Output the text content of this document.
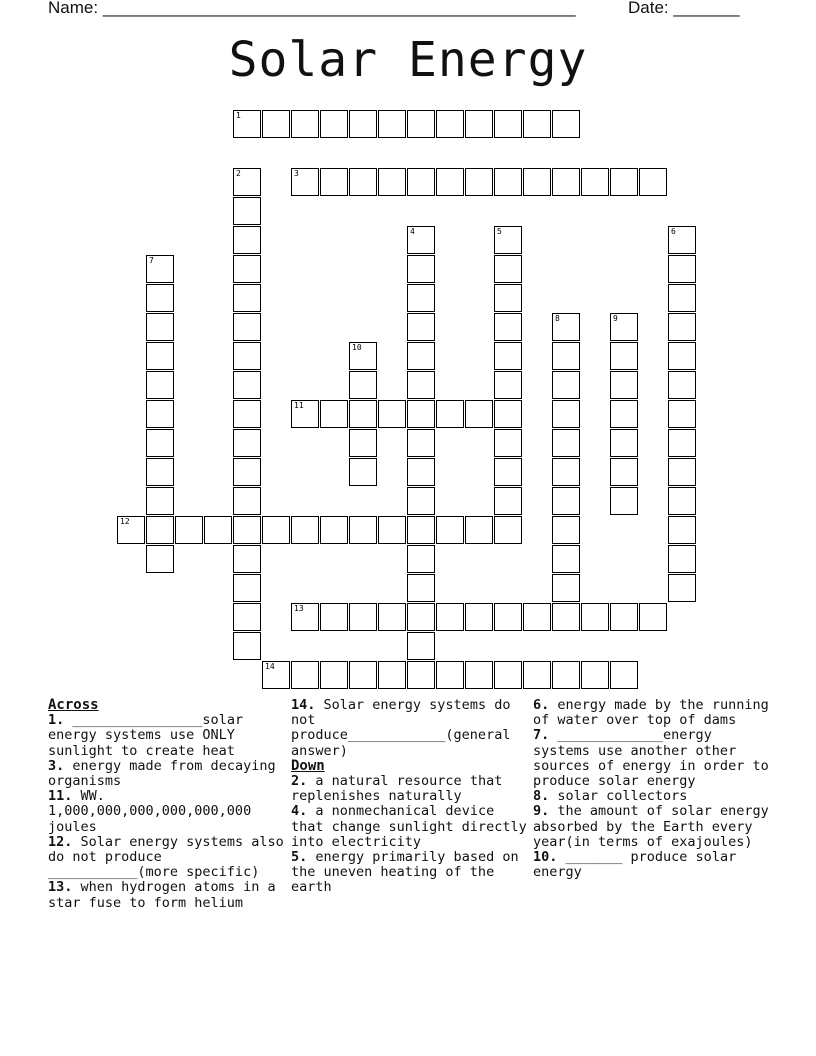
Name: __________________________________________________	Date: _______
Solar Energy
1
2	3
4	5	6
7
8	9
10
11
12
13
14
Across
1. ________________solar energy systems use ONLY sunlight to create heat
3. energy made from decaying organisms
11. WW. 1,000,000,000,000,000,000 joules
12. Solar energy systems also do not produce ___________(more specific)
13. when hydrogen atoms in a star fuse to form helium
14. Solar energy systems do not produce____________(general answer)
Down
2. a natural resource that replenishes naturally
4. a nonmechanical device that change sunlight directly into electricity
5. energy primarily based on the uneven heating of the earth
6. energy made by the running of water over top of dams
7. _____________energy systems use another other sources of energy in order to produce solar energy
8. solar collectors
9. the amount of solar energy absorbed by the Earth every year(in terms of exajoules)
10. _______ produce solar energy
